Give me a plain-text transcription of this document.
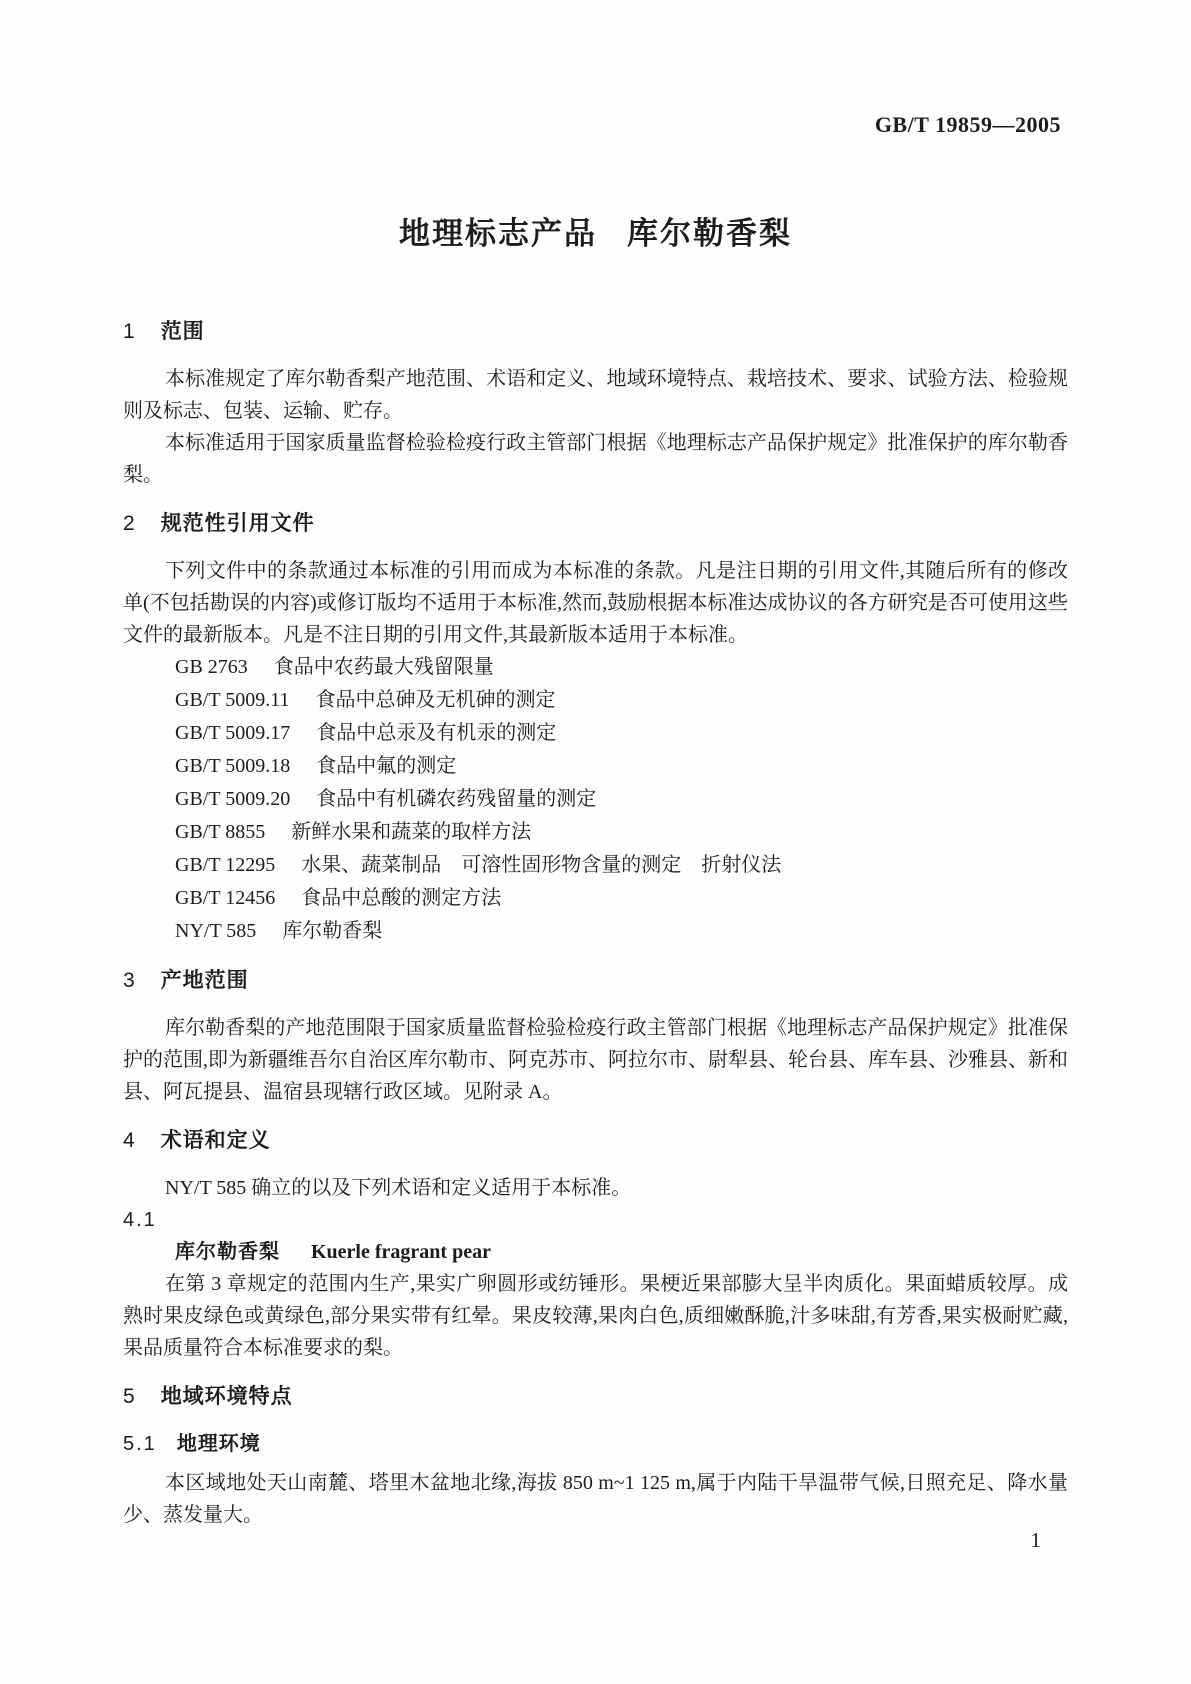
GB/T 19859—2005
地理标志产品 库尔勒香梨
1 范围

本标准规定了库尔勒香梨产地范围、术语和定义、地域环境特点、栽培技术、要求、试验方法、检验规则及标志、包装、运输、贮存。

本标准适用于国家质量监督检验检疫行政主管部门根据《地理标志产品保护规定》批准保护的库尔勒香梨。

2 规范性引用文件

下列文件中的条款通过本标准的引用而成为本标准的条款。凡是注日期的引用文件,其随后所有的修改单(不包括勘误的内容)或修订版均不适用于本标准,然而,鼓励根据本标准达成协议的各方研究是否可使用这些文件的最新版本。凡是不注日期的引用文件,其最新版本适用于本标准。

GB 2763 食品中农药最大残留限量
GB/T 5009.11 食品中总砷及无机砷的测定
GB/T 5009.17 食品中总汞及有机汞的测定
GB/T 5009.18 食品中氟的测定
GB/T 5009.20 食品中有机磷农药残留量的测定
GB/T 8855 新鲜水果和蔬菜的取样方法
GB/T 12295 水果、蔬菜制品　可溶性固形物含量的测定　折射仪法
GB/T 12456 食品中总酸的测定方法
NY/T 585 库尔勒香梨
3 产地范围

库尔勒香梨的产地范围限于国家质量监督检验检疫行政主管部门根据《地理标志产品保护规定》批准保护的范围,即为新疆维吾尔自治区库尔勒市、阿克苏市、阿拉尔市、尉犁县、轮台县、库车县、沙雅县、新和县、阿瓦提县、温宿县现辖行政区域。见附录 A。

4 术语和定义

NY/T 585 确立的以及下列术语和定义适用于本标准。

4.1
库尔勒香梨 Kuerle fragrant pear

在第 3 章规定的范围内生产,果实广卵圆形或纺锤形。果梗近果部膨大呈半肉质化。果面蜡质较厚。成熟时果皮绿色或黄绿色,部分果实带有红晕。果皮较薄,果肉白色,质细嫩酥脆,汁多味甜,有芳香,果实极耐贮藏,果品质量符合本标准要求的梨。

5 地域环境特点
5.1 地理环境

本区域地处天山南麓、塔里木盆地北缘,海拔 850 m~1 125 m,属于内陆干旱温带气候,日照充足、降水量少、蒸发量大。

1
